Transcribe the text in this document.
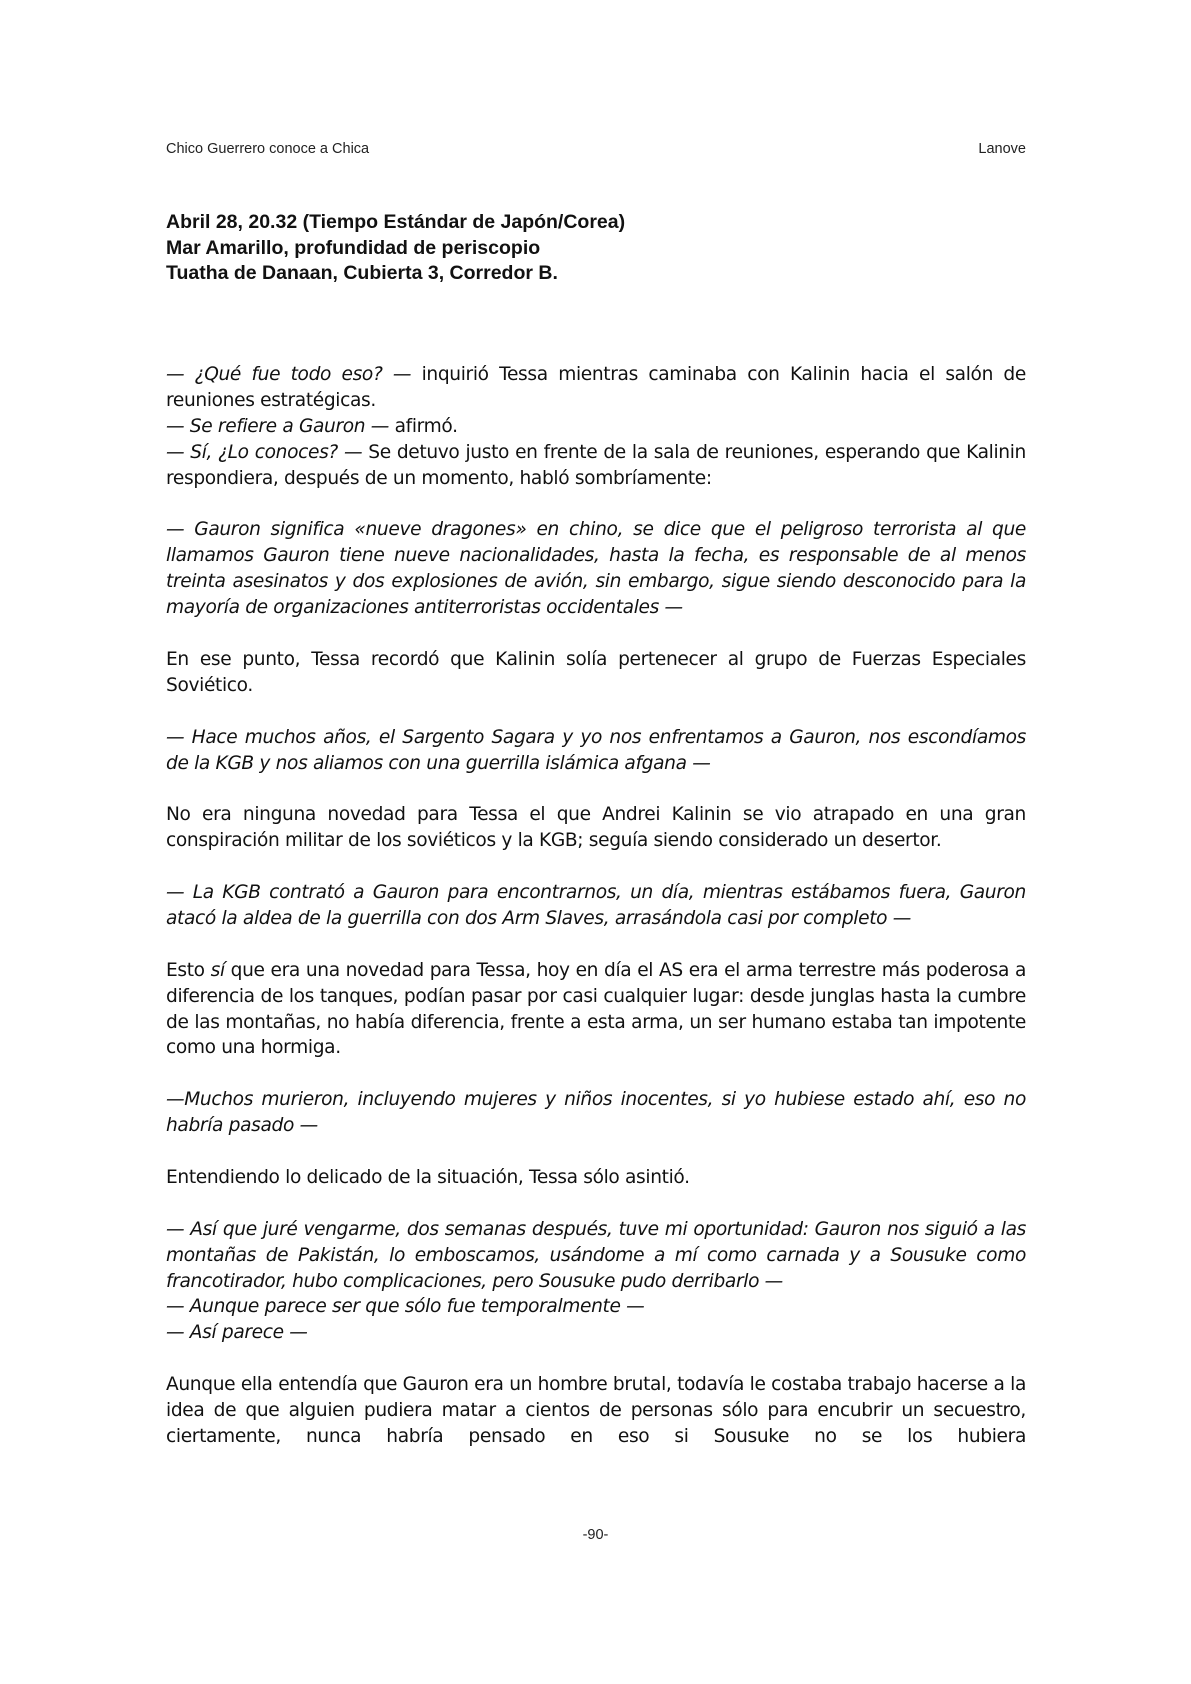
Chico Guerrero conoce a Chica	Lanove
Abril 28, 20.32 (Tiempo Estándar de Japón/Corea)
Mar Amarillo, profundidad de periscopio
Tuatha de Danaan, Cubierta 3, Corredor B.

— ¿Qué fue todo eso? — inquirió Tessa mientras caminaba con Kalinin hacia el salón de reuniones estratégicas.

— Se refiere a Gauron — afirmó.

— Sí, ¿Lo conoces? — Se detuvo justo en frente de la sala de reuniones, esperando que Kalinin respondiera, después de un momento, habló sombríamente:

— Gauron significa «nueve dragones» en chino, se dice que el peligroso terrorista al que llamamos Gauron tiene nueve nacionalidades, hasta la fecha, es responsable de al menos treinta asesinatos y dos explosiones de avión, sin embargo, sigue siendo desconocido para la mayoría de organizaciones antiterroristas occidentales —

En ese punto, Tessa recordó que Kalinin solía pertenecer al grupo de Fuerzas Especiales Soviético.

— Hace muchos años, el Sargento Sagara y yo nos enfrentamos a Gauron, nos escondíamos de la KGB y nos aliamos con una guerrilla islámica afgana —

No era ninguna novedad para Tessa el que Andrei Kalinin se vio atrapado en una gran conspiración militar de los soviéticos y la KGB; seguía siendo considerado un desertor.

— La KGB contrató a Gauron para encontrarnos, un día, mientras estábamos fuera, Gauron atacó la aldea de la guerrilla con dos Arm Slaves, arrasándola casi por completo —

Esto sí que era una novedad para Tessa, hoy en día el AS era el arma terrestre más poderosa a diferencia de los tanques, podían pasar por casi cualquier lugar: desde junglas hasta la cumbre de las montañas, no había diferencia, frente a esta arma, un ser humano estaba tan impotente como una hormiga.

—Muchos murieron, incluyendo mujeres y niños inocentes, si yo hubiese estado ahí, eso no habría pasado —

Entendiendo lo delicado de la situación, Tessa sólo asintió.

— Así que juré vengarme, dos semanas después, tuve mi oportunidad: Gauron nos siguió a las montañas de Pakistán, lo emboscamos, usándome a mí como carnada y a Sousuke como francotirador, hubo complicaciones, pero Sousuke pudo derribarlo —

— Aunque parece ser que sólo fue temporalmente —

— Así parece —

Aunque ella entendía que Gauron era un hombre brutal, todavía le costaba trabajo hacerse a la idea de que alguien pudiera matar a cientos de personas sólo para encubrir un secuestro, ciertamente, nunca habría pensado en eso si Sousuke no se los hubiera

-90-
